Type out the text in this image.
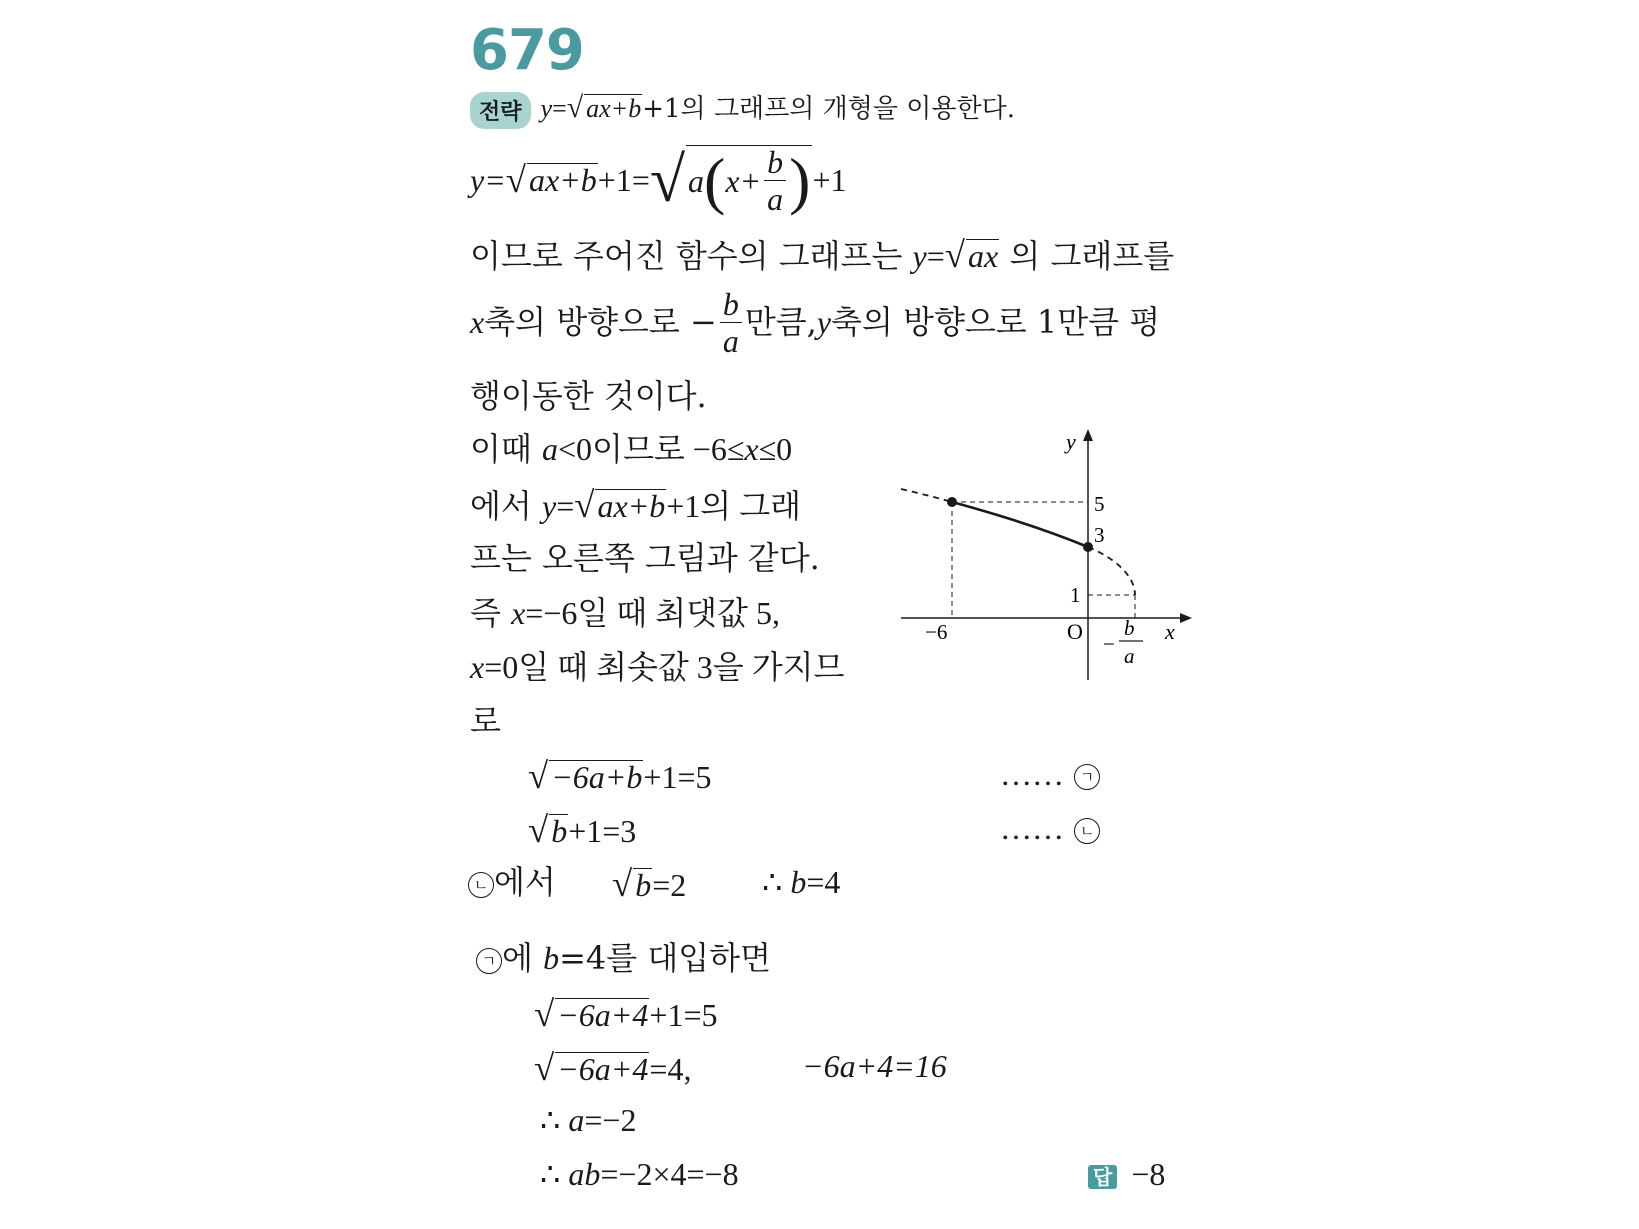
679
전략 y=√ ax+b+1의 그래프의 개형을 이용한다.
y= √ ax+b +1= √ a ( $x+ \frac{b}{a}$ ) +1
이므로 주어진 함수의 그래프는 y=√ax 의 그래프를
x 축의 방향으로 − $\frac{b}{a}$ 만큼, y 축의 방향으로 1만큼 평
행이동한 것이다.
이때 a<0이므로 −6≤x≤0
에서 y=√ax+b+1의 그래
프는 오른쪽 그림과 같다.
즉 x=−6일 때 최댓값 5,
x=0일 때 최솟값 3을 가지므
로
y
x
O
5
3
1
−6	−
b
a
√−6a+b+1=5	…… ㄱ
√b+1=3	…… ㄴ
ㄴ 에서 √b=2 ∴ b=4
ㄱ 에 b=4를 대입하면
√−6a+4+1=5
√−6a+4=4,	−6a+4=16
∴ a=−2
∴ ab=−2×4=−8	답 −8
